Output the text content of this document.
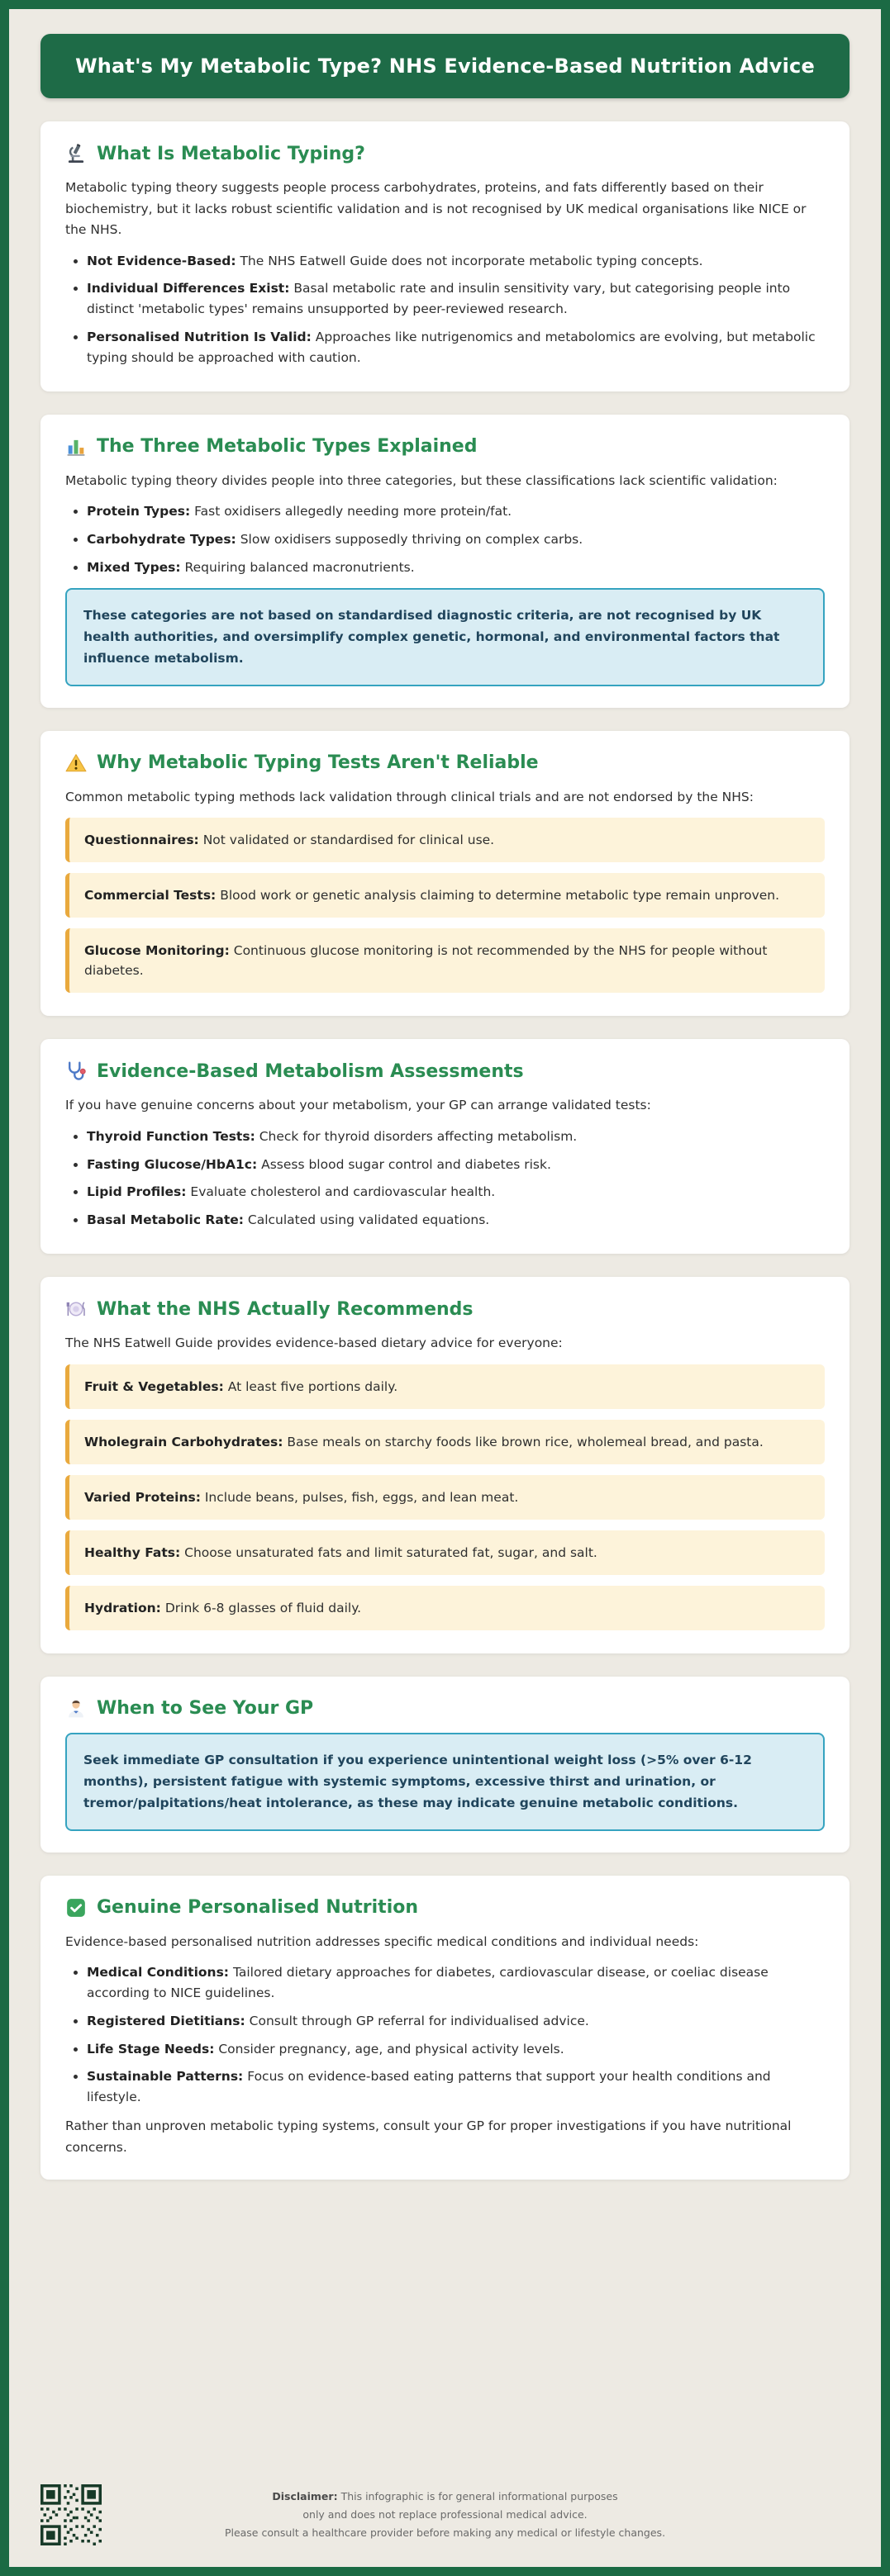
What's My Metabolic Type? NHS Evidence-Based Nutrition Advice
What Is Metabolic Typing?

Metabolic typing theory suggests people process carbohydrates, proteins, and fats differently based on their biochemistry, but it lacks robust scientific validation and is not recognised by UK medical organisations like NICE or the NHS.

• Not Evidence-Based: The NHS Eatwell Guide does not incorporate metabolic typing concepts.
• Individual Differences Exist: Basal metabolic rate and insulin sensitivity vary, but categorising people into distinct 'metabolic types' remains unsupported by peer-reviewed research.
• Personalised Nutrition Is Valid: Approaches like nutrigenomics and metabolomics are evolving, but metabolic typing should be approached with caution.
The Three Metabolic Types Explained

Metabolic typing theory divides people into three categories, but these classifications lack scientific validation:

• Protein Types: Fast oxidisers allegedly needing more protein/fat.
• Carbohydrate Types: Slow oxidisers supposedly thriving on complex carbs.
• Mixed Types: Requiring balanced macronutrients.
These categories are not based on standardised diagnostic criteria, are not recognised by UK health authorities, and oversimplify complex genetic, hormonal, and environmental factors that influence metabolism.
Why Metabolic Typing Tests Aren't Reliable

Common metabolic typing methods lack validation through clinical trials and are not endorsed by the NHS:

Questionnaires: Not validated or standardised for clinical use.
Commercial Tests: Blood work or genetic analysis claiming to determine metabolic type remain unproven.
Glucose Monitoring: Continuous glucose monitoring is not recommended by the NHS for people without diabetes.
Evidence-Based Metabolism Assessments

If you have genuine concerns about your metabolism, your GP can arrange validated tests:

• Thyroid Function Tests: Check for thyroid disorders affecting metabolism.
• Fasting Glucose/HbA1c: Assess blood sugar control and diabetes risk.
• Lipid Profiles: Evaluate cholesterol and cardiovascular health.
• Basal Metabolic Rate: Calculated using validated equations.
What the NHS Actually Recommends

The NHS Eatwell Guide provides evidence-based dietary advice for everyone:

Fruit & Vegetables: At least five portions daily.
Wholegrain Carbohydrates: Base meals on starchy foods like brown rice, wholemeal bread, and pasta.
Varied Proteins: Include beans, pulses, fish, eggs, and lean meat.
Healthy Fats: Choose unsaturated fats and limit saturated fat, sugar, and salt.
Hydration: Drink 6-8 glasses of fluid daily.
When to See Your GP
Seek immediate GP consultation if you experience unintentional weight loss (>5% over 6-12 months), persistent fatigue with systemic symptoms, excessive thirst and urination, or tremor/palpitations/heat intolerance, as these may indicate genuine metabolic conditions.
Genuine Personalised Nutrition

Evidence-based personalised nutrition addresses specific medical conditions and individual needs:

• Medical Conditions: Tailored dietary approaches for diabetes, cardiovascular disease, or coeliac disease according to NICE guidelines.
• Registered Dietitians: Consult through GP referral for individualised advice.
• Life Stage Needs: Consider pregnancy, age, and physical activity levels.
• Sustainable Patterns: Focus on evidence-based eating patterns that support your health conditions and lifestyle.

Rather than unproven metabolic typing systems, consult your GP for proper investigations if you have nutritional concerns.

Disclaimer: This infographic is for general informational purposes
only and does not replace professional medical advice.
Please consult a healthcare provider before making any medical or lifestyle changes.
